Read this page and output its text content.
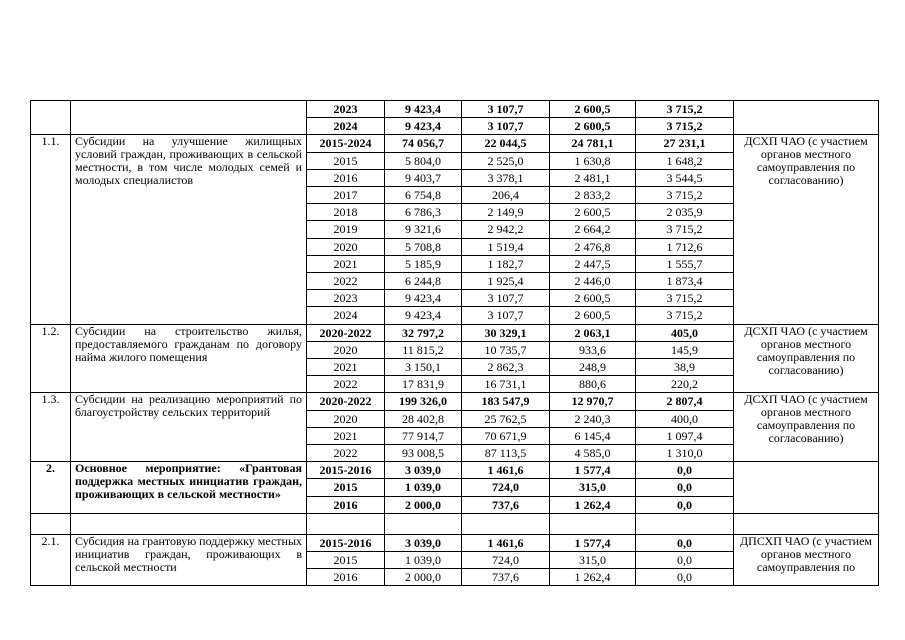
		2023	9 423,4	3 107,7	2 600,5	3 715,2	
		2024	9 423,4	3 107,7	2 600,5	3 715,2	
1.1.	Субсидии на улучшение жилищных условий граждан, проживающих в сельской местности, в том числе молодых семей и молодых специалистов	2015-2024	74 056,7	22 044,5	24 781,1	27 231,1	ДСХП ЧАО (с участием органов местного самоуправления по согласованию)
		2015	5 804,0	2 525,0	1 630,8	1 648,2	
		2016	9 403,7	3 378,1	2 481,1	3 544,5	
		2017	6 754,8	206,4	2 833,2	3 715,2	
		2018	6 786,3	2 149,9	2 600,5	2 035,9	
		2019	9 321,6	2 942,2	2 664,2	3 715,2	
		2020	5 708,8	1 519,4	2 476,8	1 712,6	
		2021	5 185,9	1 182,7	2 447,5	1 555,7	
		2022	6 244,8	1 925,4	2 446,0	1 873,4	
		2023	9 423,4	3 107,7	2 600,5	3 715,2	
		2024	9 423,4	3 107,7	2 600,5	3 715,2	
1.2.	Субсидии на строительство жилья, предоставляемого гражданам по договору найма жилого помещения	2020-2022	32 797,2	30 329,1	2 063,1	405,0	ДСХП ЧАО (с участием органов местного самоуправления по согласованию)
		2020	11 815,2	10 735,7	933,6	145,9	
		2021	3 150,1	2 862,3	248,9	38,9	
		2022	17 831,9	16 731,1	880,6	220,2	
1.3.	Субсидии на реализацию мероприятий по благоустройству сельских территорий	2020-2022	199 326,0	183 547,9	12 970,7	2 807,4	ДСХП ЧАО (с участием органов местного самоуправления по согласованию)
		2020	28 402,8	25 762,5	2 240,3	400,0	
		2021	77 914,7	70 671,9	6 145,4	1 097,4	
		2022	93 008,5	87 113,5	4 585,0	1 310,0	
2.	Основное мероприятие: «Грантовая поддержка местных инициатив граждан, проживающих в сельской местности»	2015-2016	3 039,0	1 461,6	1 577,4	0,0	
		2015	1 039,0	724,0	315,0	0,0	
		2016	2 000,0	737,6	1 262,4	0,0	

2.1.	Субсидия на грантовую поддержку местных инициатив граждан, проживающих в сельской местности	2015-2016	3 039,0	1 461,6	1 577,4	0,0	ДПСХП ЧАО (с участием органов местного самоуправления по
		2015	1 039,0	724,0	315,0	0,0	
		2016	2 000,0	737,6	1 262,4	0,0	
